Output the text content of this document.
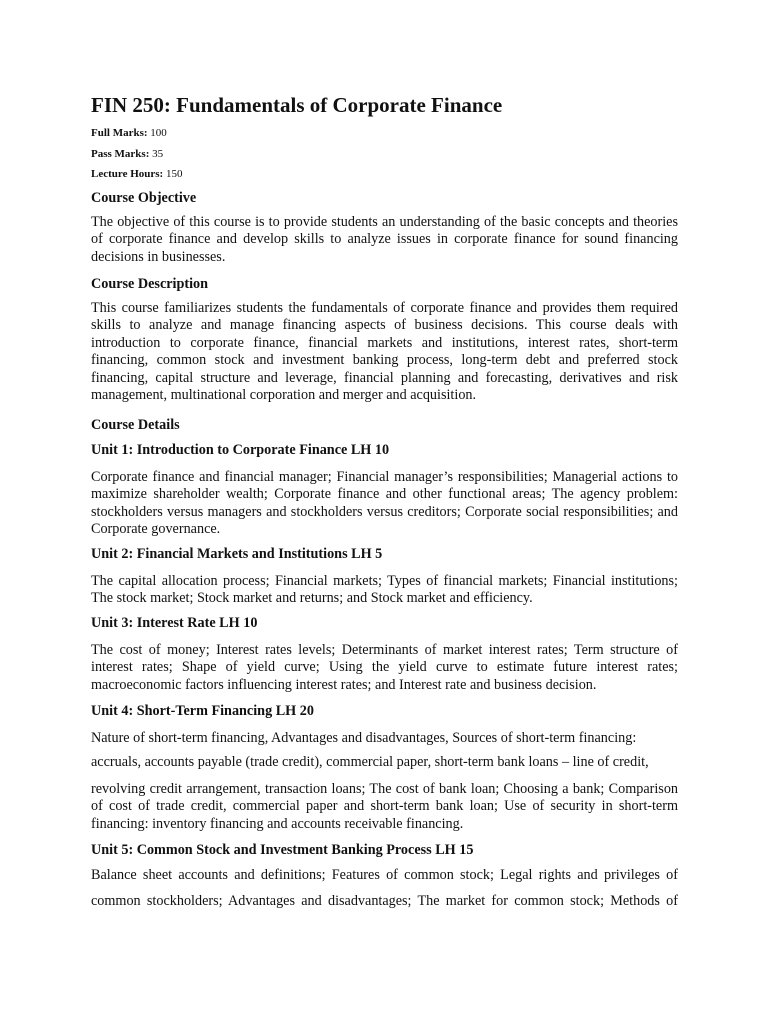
FIN 250: Fundamentals of Corporate Finance
Full Marks: 100
Pass Marks: 35
Lecture Hours: 150
Course Objective

The objective of this course is to provide students an understanding of the basic concepts and theories of corporate finance and develop skills to analyze issues in corporate finance for sound financing decisions in businesses.

Course Description

This course familiarizes students the fundamentals of corporate finance and provides them required skills to analyze and manage financing aspects of business decisions. This course deals with introduction to corporate finance, financial markets and institutions, interest rates, short-term financing, common stock and investment banking process, long-term debt and preferred stock financing, capital structure and leverage, financial planning and forecasting, derivatives and risk management, multinational corporation and merger and acquisition.

Course Details
Unit 1: Introduction to Corporate Finance LH 10

Corporate finance and financial manager; Financial manager’s responsibilities; Managerial actions to maximize shareholder wealth; Corporate finance and other functional areas; The agency problem: stockholders versus managers and stockholders versus creditors; Corporate social responsibilities; and Corporate governance.

Unit 2: Financial Markets and Institutions LH 5

The capital allocation process; Financial markets; Types of financial markets; Financial institutions; The stock market; Stock market and returns; and Stock market and efficiency.

Unit 3: Interest Rate LH 10

The cost of money; Interest rates levels; Determinants of market interest rates; Term structure of interest rates; Shape of yield curve; Using the yield curve to estimate future interest rates; macroeconomic factors influencing interest rates; and Interest rate and business decision.

Unit 4: Short-Term Financing LH 20

Nature of short-term financing, Advantages and disadvantages, Sources of short-term financing:

accruals, accounts payable (trade credit), commercial paper, short-term bank loans – line of credit,

revolving credit arrangement, transaction loans; The cost of bank loan; Choosing a bank; Comparison of cost of trade credit, commercial paper and short-term bank loan; Use of security in short-term financing: inventory financing and accounts receivable financing.

Unit 5: Common Stock and Investment Banking Process LH 15

Balance sheet accounts and definitions; Features of common stock; Legal rights and privileges of

common stockholders; Advantages and disadvantages; The market for common stock; Methods of
